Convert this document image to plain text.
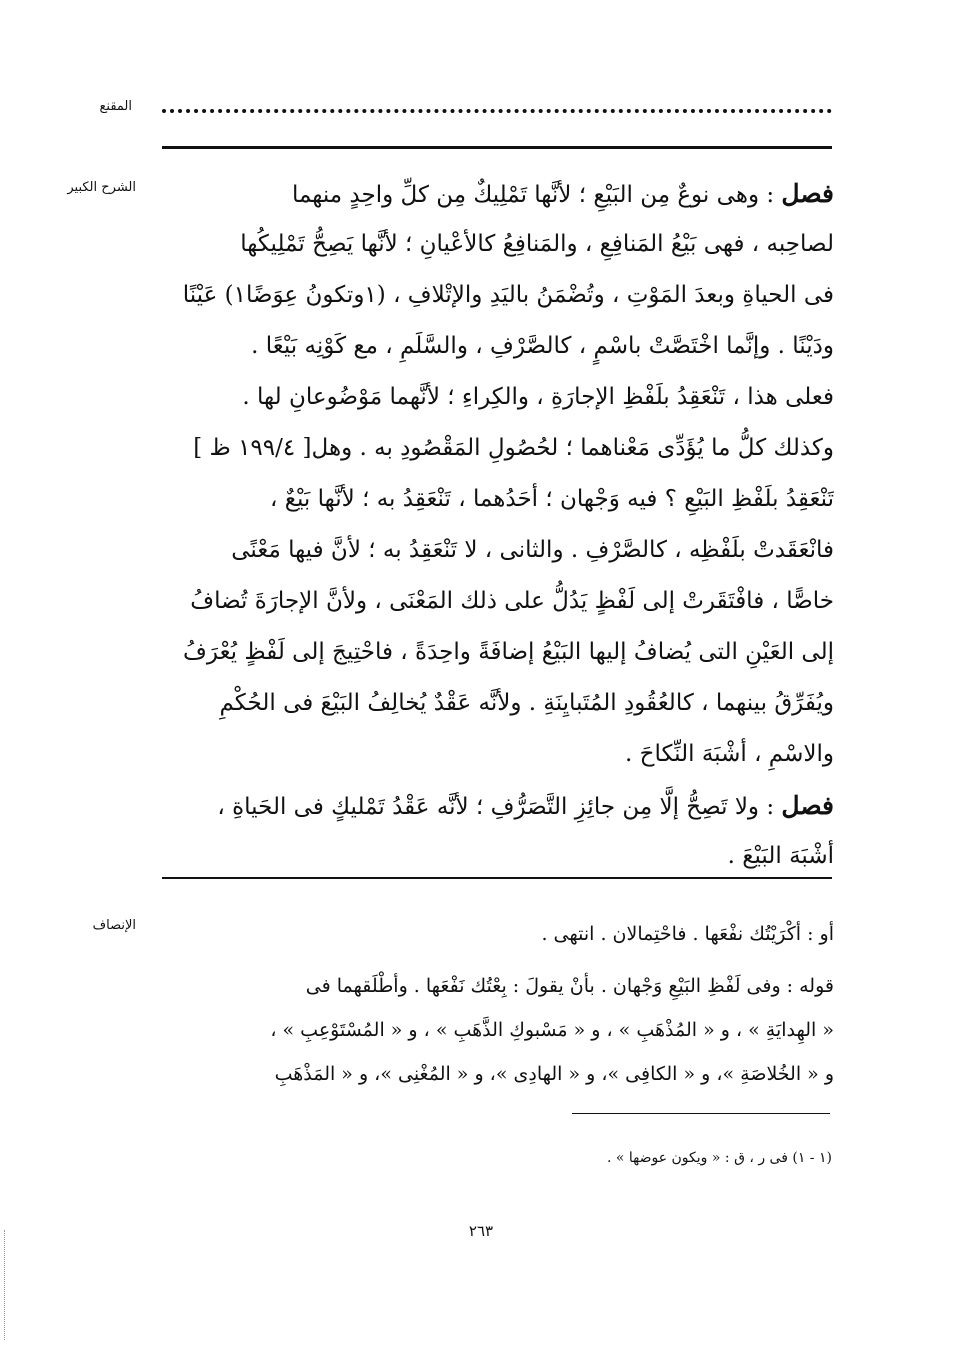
المقنع
الشرح الكبير	فصل : وهى نوعٌ مِن البَيْعِ ؛ لأنَّها تَمْلِيكٌ مِن كلِّ واحِدٍ منهما
لصاحِبه ، فهى بَيْعُ المَنافِعِ ، والمَنافِعُ كالأعْيانِ ؛ لأنَّها يَصِحُّ تَمْلِيكُها
فى الحياةِ وبعدَ المَوْتِ ، وتُضْمَنُ باليَدِ والإتْلافِ ، (١وتكونُ عِوَضًا١) عَيْنًا
ودَيْنًا . وإنَّما اخْتَصَّتْ باسْمٍ ، كالصَّرْفِ ، والسَّلَمِ ، مع كَوْنِه بَيْعًا .
فعلى هذا ، تَنْعَقِدُ بلَفْظِ الإجارَةِ ، والكِراءِ ؛ لأنَّهما مَوْضُوعانِ لها .
وكذلك كلُّ ما يُؤَدِّى مَعْناهما ؛ لحُصُولِ المَقْصُودِ به . وهل[ ١٩٩/٤ ظ ]
تَنْعَقِدُ بلَفْظِ البَيْعِ ؟ فيه وَجْهان ؛ أحَدُهما ، تَنْعَقِدُ به ؛ لأنَّها بَيْعٌ ،
فانْعَقَدتْ بلَفْظِه ، كالصَّرْفِ . والثانى ، لا تَنْعَقِدُ به ؛ لأنَّ فيها مَعْنًى
خاصًّا ، فافْتَقَرتْ إلى لَفْظٍ يَدُلُّ على ذلك المَعْنَى ، ولأنَّ الإجارَةَ تُضافُ
إلى العَيْنِ التى يُضافُ إليها البَيْعُ إضافَةً واحِدَةً ، فاحْتِيجَ إلى لَفْظٍ يُعْرَفُ
ويُفَرِّقُ بينهما ، كالعُقُودِ المُتَبايِنَةِ . ولأنَّه عَقْدٌ يُخالِفُ البَيْعَ فى الحُكْمِ
والاسْمِ ، أشْبَهَ النِّكاحَ .
فصل : ولا تَصِحُّ إلَّا مِن جائِزِ التَّصَرُّفِ ؛ لأنَّه عَقْدُ تَمْليكٍ فى الحَياةِ ،
أشْبَهَ البَيْعَ .
الإنصاف	أو : أكْرَيْتُك نفْعَها . فاحْتِمالان . انتهى .
قوله : وفى لَفْظِ البَيْعِ وَجْهان . بأنْ يقولَ : بِعْتُك نَفْعَها . وأطْلَقهما فى
« الهِدايَةِ » ، و « المُذْهَبِ » ، و « مَسْبوكِ الذَّهَبِ » ، و « المُسْتَوْعِبِ » ،
و « الخُلاصَةِ »، و « الكافِى »، و « الهادِى »، و « المُغْنِى »، و « المَذْهَبِ
(١ - ١) فى ر ، ق : « ويكون عوضها » .
٢٦٣
